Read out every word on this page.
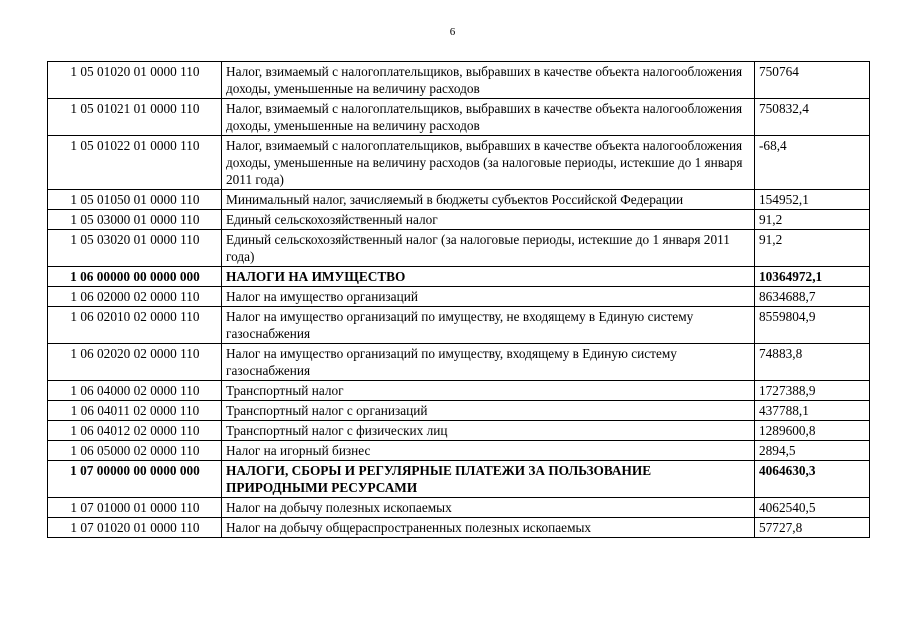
6
1 05 01020 01 0000 110	Налог, взимаемый с налогоплательщиков, выбравших в качестве объекта налогообложения доходы, уменьшенные на величину расходов	750764
1 05 01021 01 0000 110	Налог, взимаемый с налогоплательщиков, выбравших в качестве объекта налогообложения доходы, уменьшенные на величину расходов	750832,4
1 05 01022 01 0000 110	Налог, взимаемый с налогоплательщиков, выбравших в качестве объекта налогообложения доходы, уменьшенные на величину расходов (за налоговые периоды, истекшие до 1 января 2011 года)	-68,4
1 05 01050 01 0000 110	Минимальный налог, зачисляемый в бюджеты субъектов Российской Федерации	154952,1
1 05 03000 01 0000 110	Единый сельскохозяйственный налог	91,2
1 05 03020 01 0000 110	Единый сельскохозяйственный налог (за налоговые периоды, истекшие до 1 января 2011 года)	91,2
1 06 00000 00 0000 000	НАЛОГИ НА ИМУЩЕСТВО	10364972,1
1 06 02000 02 0000 110	Налог на имущество организаций	8634688,7
1 06 02010 02 0000 110	Налог на имущество организаций по имуществу, не входящему в Единую систему газоснабжения	8559804,9
1 06 02020 02 0000 110	Налог на имущество организаций по имуществу, входящему в Единую систему газоснабжения	74883,8
1 06 04000 02 0000 110	Транспортный налог	1727388,9
1 06 04011 02 0000 110	Транспортный налог с организаций	437788,1
1 06 04012 02 0000 110	Транспортный налог с физических лиц	1289600,8
1 06 05000 02 0000 110	Налог на игорный бизнес	2894,5
1 07 00000 00 0000 000	НАЛОГИ, СБОРЫ И РЕГУЛЯРНЫЕ ПЛАТЕЖИ ЗА ПОЛЬЗОВАНИЕ ПРИРОДНЫМИ РЕСУРСАМИ	4064630,3
1 07 01000 01 0000 110	Налог на добычу полезных ископаемых	4062540,5
1 07 01020 01 0000 110	Налог на добычу общераспространенных полезных ископаемых	57727,8
